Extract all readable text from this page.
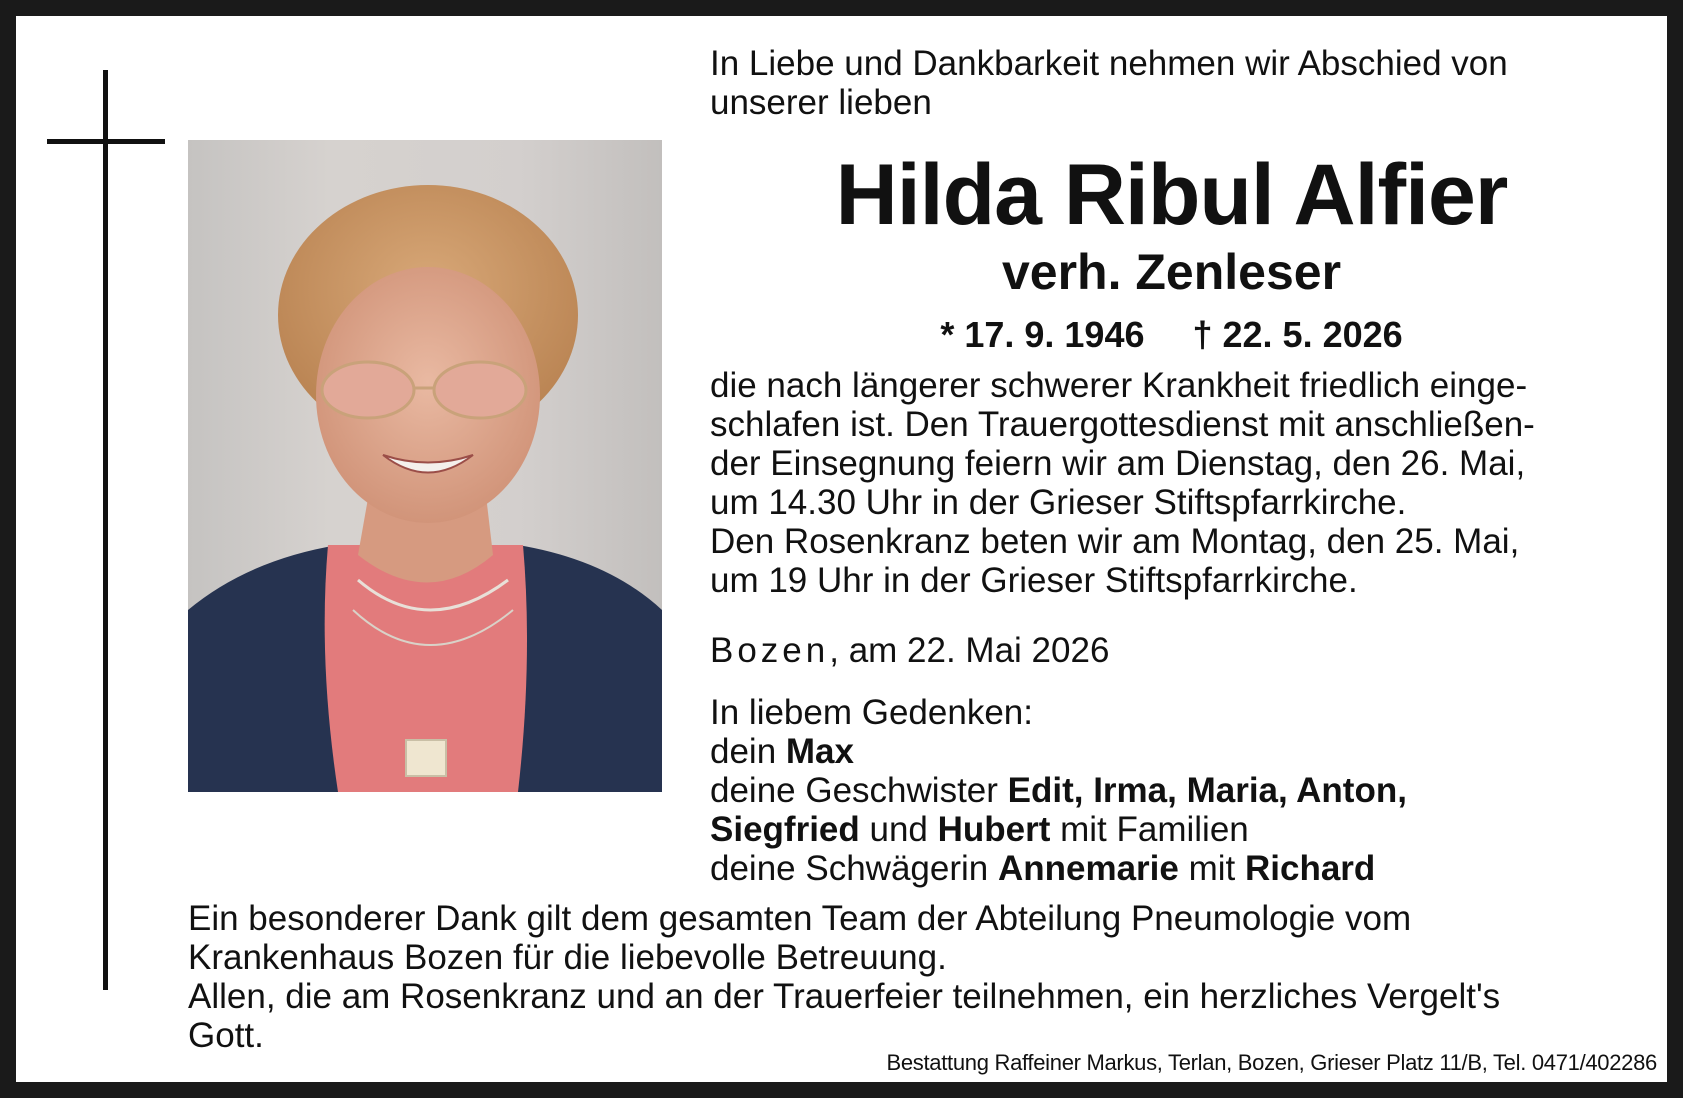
In Liebe und Dankbarkeit nehmen wir Abschied von
unserer lieben

Hilda Ribul Alfier

verh. Zenleser

* 17. 9. 1946 † 22. 5. 2026

die nach längerer schwerer Krankheit friedlich einge-
schlafen ist. Den Trauergottesdienst mit anschließen-
der Einsegnung feiern wir am Dienstag, den 26. Mai,
um 14.30 Uhr in der Grieser Stiftspfarrkirche.
Den Rosenkranz beten wir am Montag, den 25. Mai,
um 19 Uhr in der Grieser Stiftspfarrkirche.

Bozen, am 22. Mai 2026

In liebem Gedenken:
dein Max
deine Geschwister Edit, Irma, Maria, Anton,
Siegfried und Hubert mit Familien
deine Schwägerin Annemarie mit Richard

Ein besonderer Dank gilt dem gesamten Team der Abteilung Pneumologie vom
Krankenhaus Bozen für die liebevolle Betreuung.
Allen, die am Rosenkranz und an der Trauerfeier teilnehmen, ein herzliches Vergelt's
Gott.

Bestattung Raffeiner Markus, Terlan, Bozen, Grieser Platz 11/B, Tel. 0471/402286
